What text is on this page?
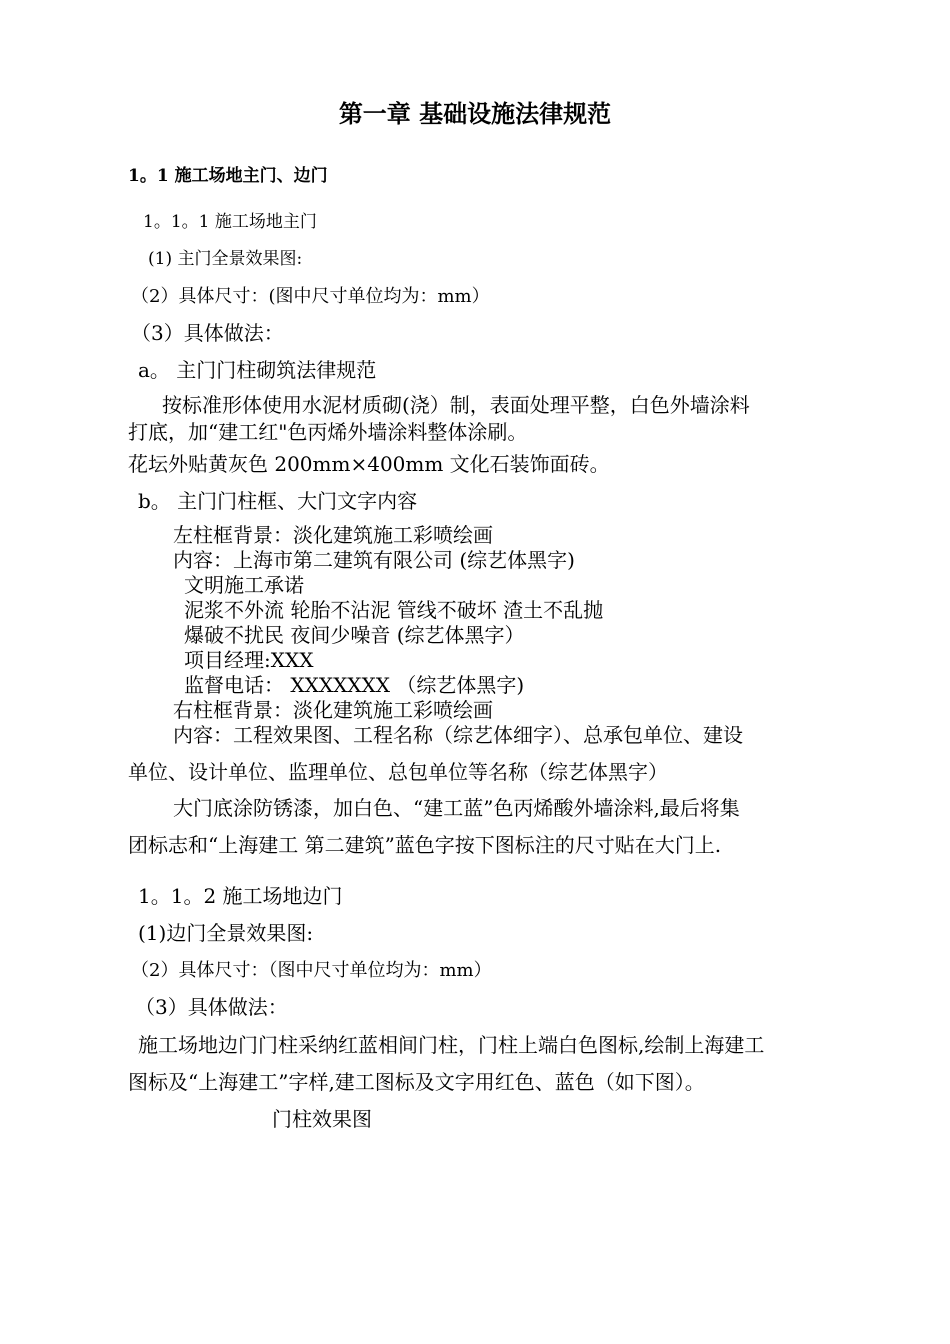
第一章 基础设施法律规范
1。1 施工场地主门、边门
1。1。1 施工场地主门
(1) 主门全景效果图:
（2）具体尺寸：(图中尺寸单位均为：mm）
（3）具体做法：
a。 主门门柱砌筑法律规范
按标准形体使用水泥材质砌(浇）制，表面处理平整，白色外墙涂料
打底，加“建工红"色丙烯外墙涂料整体涂刷。
花坛外贴黄灰色 200mm×400mm 文化石装饰面砖。
b。 主门门柱框、大门文字内容
左柱框背景：淡化建筑施工彩喷绘画
内容：上海市第二建筑有限公司 (综艺体黑字)
文明施工承诺
泥浆不外流 轮胎不沾泥 管线不破坏 渣土不乱抛
爆破不扰民 夜间少噪音 (综艺体黑字）
项目经理:XXX
监督电话： XXXXXXX （综艺体黑字)
右柱框背景：淡化建筑施工彩喷绘画
内容：工程效果图、工程名称（综艺体细字）、总承包单位、建设
单位、设计单位、监理单位、总包单位等名称（综艺体黑字）
大门底涂防锈漆，加白色、“建工蓝”色丙烯酸外墙涂料,最后将集
团标志和“上海建工 第二建筑”蓝色字按下图标注的尺寸贴在大门上.
1。1。2 施工场地边门
(1)边门全景效果图:
（2）具体尺寸：（图中尺寸单位均为：mm）
（3）具体做法：
施工场地边门门柱采纳红蓝相间门柱，门柱上端白色图标,绘制上海建工
图标及“上海建工”字样,建工图标及文字用红色、蓝色（如下图）。
门柱效果图
